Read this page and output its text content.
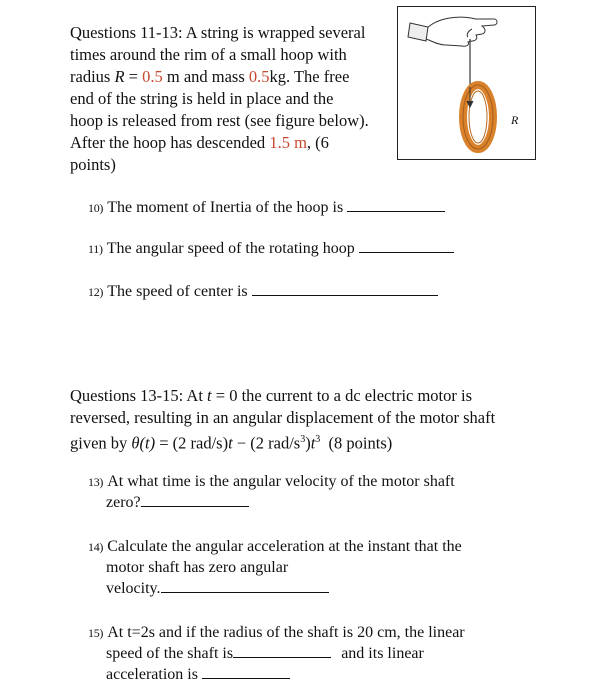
Questions 11-13: A string is wrapped several
times around the rim of a small hoop with
radius R = 0.5 m and mass 0.5kg. The free
end of the string is held in place and the
hoop is released from rest (see figure below).
After the hoop has descended 1.5 m, (6
points)
R
10) The moment of Inertia of the hoop is
11) The angular speed of the rotating hoop
12) The speed of center is
Questions 13-15: At t = 0 the current to a dc electric motor is
reversed, resulting in an angular displacement of the motor shaft
given by θ(t) = (2 rad/s)t − (2 rad/$s^3)t^3$  (8 points)
13) At what time is the angular velocity of the motor shaft
zero?
14) Calculate the angular acceleration at the instant that the
motor shaft has zero angular
velocity.
15) At t=2s and if the radius of the shaft is 20 cm, the linear
speed of the shaft is	and its linear
acceleration is
